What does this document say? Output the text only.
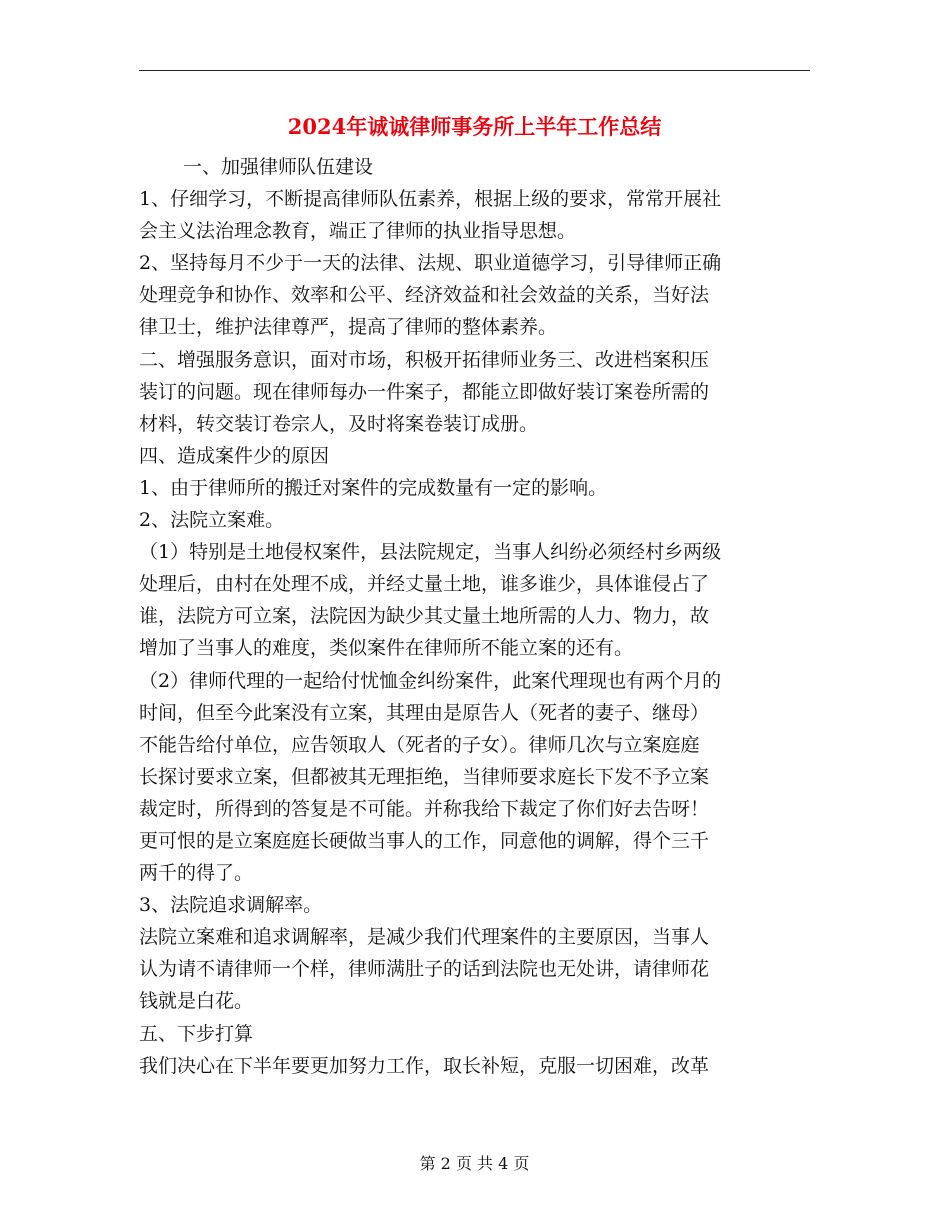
2024年诚诚律师事务所上半年工作总结
一、加强律师队伍建设
1、仔细学习，不断提高律师队伍素养，根据上级的要求，常常开展社
会主义法治理念教育，端正了律师的执业指导思想。
2、坚持每月不少于一天的法律、法规、职业道德学习，引导律师正确
处理竞争和协作、效率和公平、经济效益和社会效益的关系，当好法
律卫士，维护法律尊严，提高了律师的整体素养。
二、增强服务意识，面对市场，积极开拓律师业务三、改进档案积压
装订的问题。现在律师每办一件案子，都能立即做好装订案卷所需的
材料，转交装订卷宗人，及时将案卷装订成册。
四、造成案件少的原因
1、由于律师所的搬迁对案件的完成数量有一定的影响。
2、法院立案难。
（1）特别是土地侵权案件，县法院规定，当事人纠纷必须经村乡两级
处理后，由村在处理不成，并经丈量土地，谁多谁少，具体谁侵占了
谁，法院方可立案，法院因为缺少其丈量土地所需的人力、物力，故
增加了当事人的难度，类似案件在律师所不能立案的还有。
（2）律师代理的一起给付忧恤金纠纷案件，此案代理现也有两个月的
时间，但至今此案没有立案，其理由是原告人（死者的妻子、继母）
不能告给付单位，应告领取人（死者的子女）。律师几次与立案庭庭
长探讨要求立案，但都被其无理拒绝，当律师要求庭长下发不予立案
裁定时，所得到的答复是不可能。并称我给下裁定了你们好去告呀！
更可恨的是立案庭庭长硬做当事人的工作，同意他的调解，得个三千
两千的得了。
3、法院追求调解率。
法院立案难和追求调解率，是减少我们代理案件的主要原因，当事人
认为请不请律师一个样，律师满肚子的话到法院也无处讲，请律师花
钱就是白花。
五、下步打算
我们决心在下半年要更加努力工作，取长补短，克服一切困难，改革
第 2 页 共 4 页
